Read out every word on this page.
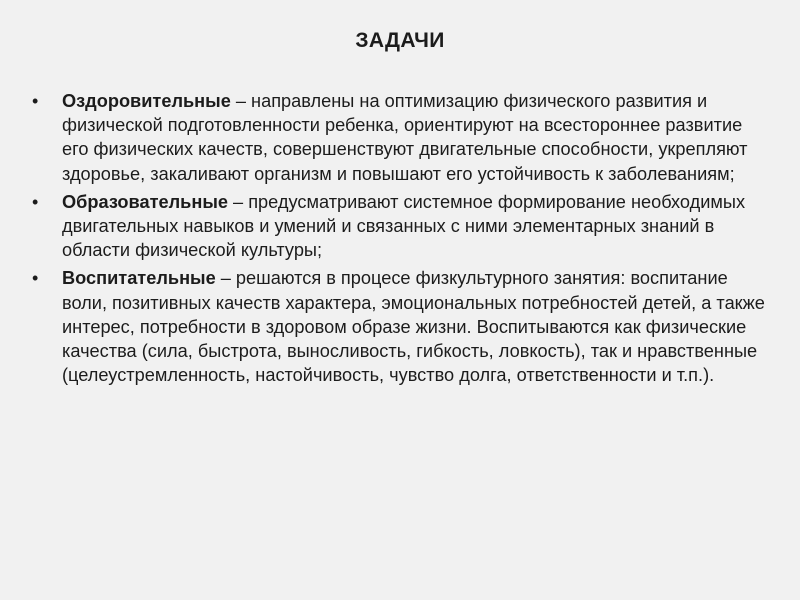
ЗАДАЧИ
•	Оздоровительные – направлены на оптимизацию физического развития и физической подготовленности ребенка, ориентируют на всестороннее развитие его физических качеств, совершенствуют двигательные способности, укрепляют здоровье, закаливают организм и повышают его устойчивость к заболеваниям;
•	Образовательные – предусматривают системное формирование необходимых двигательных навыков и умений и связанных с ними элементарных знаний в области физической культуры;
•	Воспитательные – решаются в процесе физкультурного занятия: воспитание воли, позитивных качеств характера, эмоциональных потребностей детей, а также интерес, потребности в здоровом образе жизни. Воспитываются как физические качества (сила, быстрота, выносливость, гибкость, ловкость), так и нравственные (целеустремленность, настойчивость, чувство долга, ответственности и т.п.).
